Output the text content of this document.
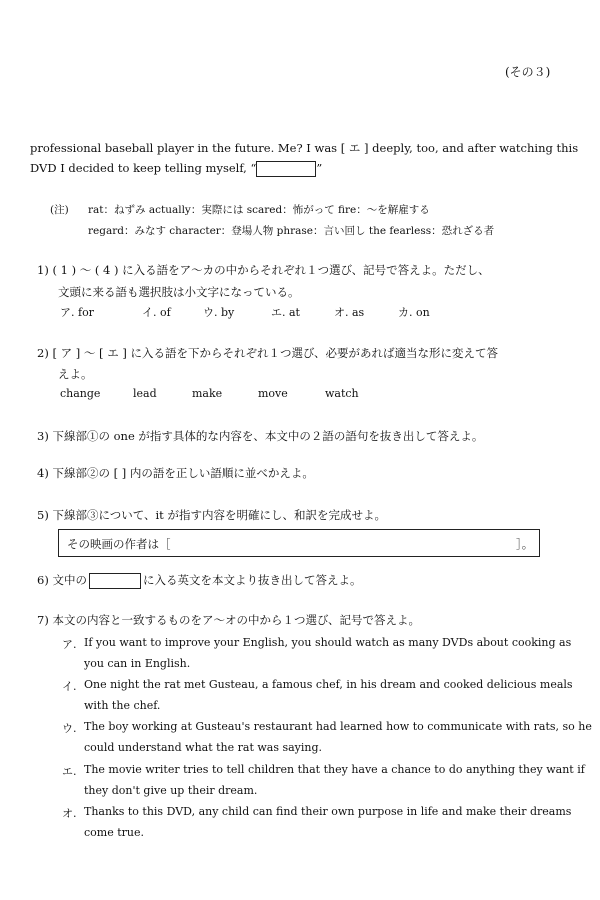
(その３)
professional baseball player in the future. Me? I was [ エ ] deeply, too, and after watching this
DVD I decided to keep telling myself, “	”
(注) rat：ねずみ actually：実際には scared：怖がって fire：～を解雇する
regard：みなす character：登場人物 phrase：言い回し the fearless：恐れざる者
1) ( 1 ) ～ ( 4 ) に入る語をア～カの中からそれぞれ１つ選び、記号で答えよ。ただし、
文頭に来る語も選択肢は小文字になっている。
ア. for	イ. of	ウ. by	エ. at	オ. as	カ. on
2) [ ア ] ～ [ エ ] に入る語を下からそれぞれ１つ選び、必要があれば適当な形に変えて答
えよ。
change	lead	make	move	watch
3) 下線部①の one が指す具体的な内容を、本文中の２語の語句を抜き出して答えよ。
4) 下線部②の [ ] 内の語を正しい語順に並べかえよ。
5) 下線部③について、it が指す内容を明確にし、和訳を完成せよ。
その映画の作者は［	］。
6) 文中の	に入る英文を本文より抜き出して答えよ。
7) 本文の内容と一致するものをア～オの中から１つ選び、記号で答えよ。
ア. If you want to improve your English, you should watch as many DVDs about cooking as
you can in English.
イ. One night the rat met Gusteau, a famous chef, in his dream and cooked delicious meals
with the chef.
ウ. The boy working at Gusteau's restaurant had learned how to communicate with rats, so he
could understand what the rat was saying.
エ. The movie writer tries to tell children that they have a chance to do anything they want if
they don't give up their dream.
オ. Thanks to this DVD, any child can find their own purpose in life and make their dreams
come true.
